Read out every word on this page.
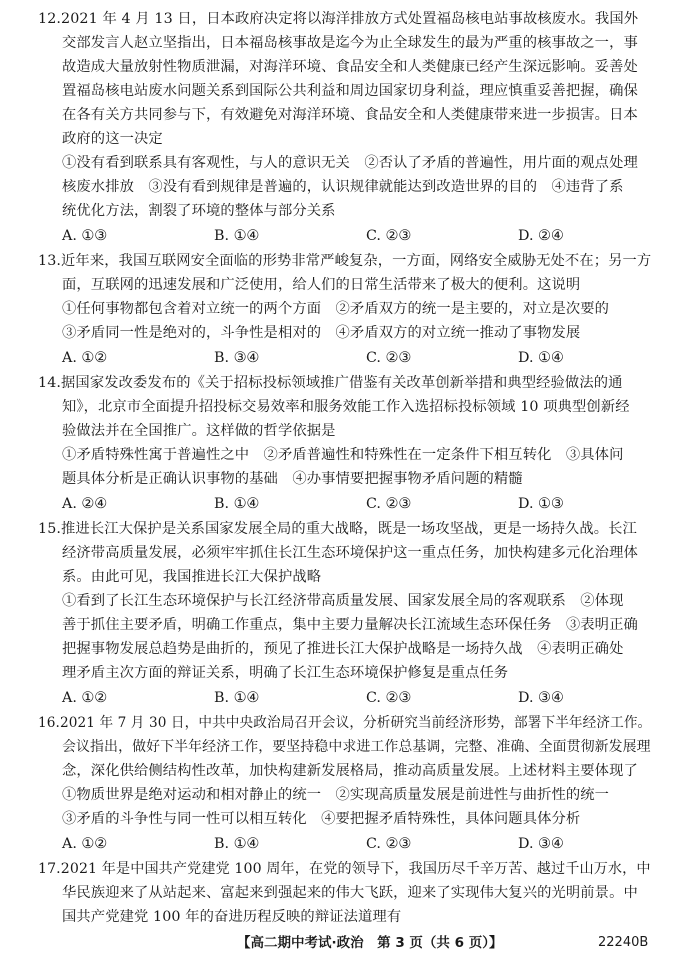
12.2021 年 4 月 13 日，日本政府决定将以海洋排放方式处置福岛核电站事故核废水。我国外
交部发言人赵立坚指出，日本福岛核事故是迄今为止全球发生的最为严重的核事故之一，事
故造成大量放射性物质泄漏，对海洋环境、食品安全和人类健康已经产生深远影响。妥善处
置福岛核电站废水问题关系到国际公共利益和周边国家切身利益，理应慎重妥善把握，确保
在各有关方共同参与下，有效避免对海洋环境、食品安全和人类健康带来进一步损害。日本
政府的这一决定
①没有看到联系具有客观性，与人的意识无关　②否认了矛盾的普遍性，用片面的观点处理
核废水排放　③没有看到规律是普遍的，认识规律就能达到改造世界的目的　④违背了系
统优化方法，割裂了环境的整体与部分关系
A. ①③	B. ①④	C. ②③	D. ②④
13.近年来，我国互联网安全面临的形势非常严峻复杂，一方面，网络安全威胁无处不在；另一方
面，互联网的迅速发展和广泛使用，给人们的日常生活带来了极大的便利。这说明
①任何事物都包含着对立统一的两个方面　②矛盾双方的统一是主要的，对立是次要的
③矛盾同一性是绝对的，斗争性是相对的　④矛盾双方的对立统一推动了事物发展
A. ①②	B. ③④	C. ②③	D. ①④
14.据国家发改委发布的《关于招标投标领域推广借鉴有关改革创新举措和典型经验做法的通
知》，北京市全面提升招投标交易效率和服务效能工作入选招标投标领域 10 项典型创新经
验做法并在全国推广。这样做的哲学依据是
①矛盾特殊性寓于普遍性之中　②矛盾普遍性和特殊性在一定条件下相互转化　③具体问
题具体分析是正确认识事物的基础　④办事情要把握事物矛盾问题的精髓
A. ②④	B. ①④	C. ②③	D. ①③
15.推进长江大保护是关系国家发展全局的重大战略，既是一场攻坚战，更是一场持久战。长江
经济带高质量发展，必须牢牢抓住长江生态环境保护这一重点任务，加快构建多元化治理体
系。由此可见，我国推进长江大保护战略
①看到了长江生态环境保护与长江经济带高质量发展、国家发展全局的客观联系　②体现
善于抓住主要矛盾，明确工作重点，集中主要力量解决长江流域生态环保任务　③表明正确
把握事物发展总趋势是曲折的，预见了推进长江大保护战略是一场持久战　④表明正确处
理矛盾主次方面的辩证关系，明确了长江生态环境保护修复是重点任务
A. ①②	B. ①④	C. ②③	D. ③④
16.2021 年 7 月 30 日，中共中央政治局召开会议，分析研究当前经济形势，部署下半年经济工作。
会议指出，做好下半年经济工作，要坚持稳中求进工作总基调，完整、准确、全面贯彻新发展理
念，深化供给侧结构性改革，加快构建新发展格局，推动高质量发展。上述材料主要体现了
①物质世界是绝对运动和相对静止的统一　②实现高质量发展是前进性与曲折性的统一
③矛盾的斗争性与同一性可以相互转化　④要把握矛盾特殊性，具体问题具体分析
A. ①②	B. ①④	C. ②③	D. ③④
17.2021 年是中国共产党建党 100 周年，在党的领导下，我国历尽千辛万苦、越过千山万水，中
华民族迎来了从站起来、富起来到强起来的伟大飞跃，迎来了实现伟大复兴的光明前景。中
国共产党建党 100 年的奋进历程反映的辩证法道理有
【高二期中考试·政治　第 3 页（共 6 页）】	22240B
